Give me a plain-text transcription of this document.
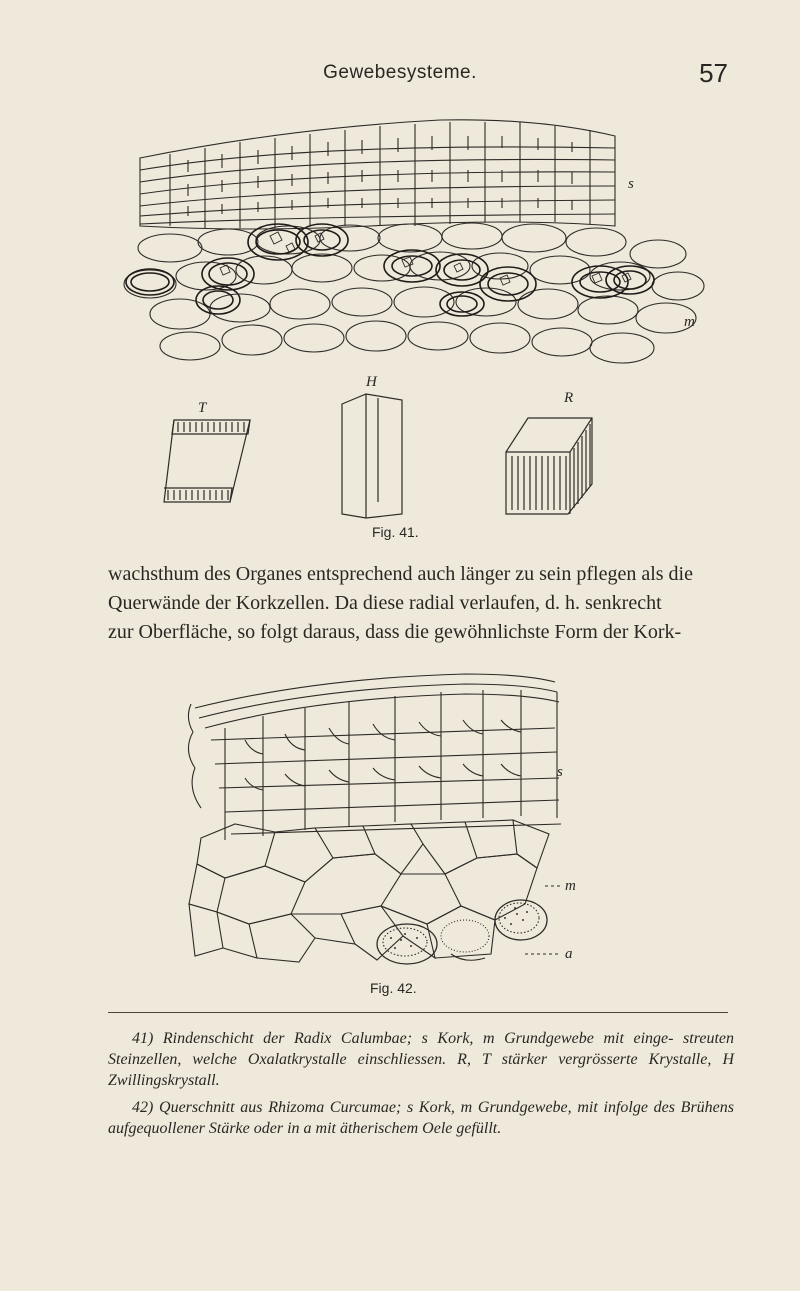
Gewebesysteme.	57
s
m
T
H
R
Fig. 41.
wachsthum des Organes entsprechend auch länger zu sein pflegen als die
Querwände der Korkzellen. Da diese radial verlaufen, d. h. senkrecht
zur Oberfläche, so folgt daraus, dass die gewöhnlichste Form der Kork-
s
m
a
Fig. 42.

41) Rindenschicht der Radix Calumbae; s Kork, m Grundgewebe mit einge- streuten Steinzellen, welche Oxalatkrystalle einschliessen. R, T stärker vergrösserte Krystalle, H Zwillingskrystall.

42) Querschnitt aus Rhizoma Curcumae; s Kork, m Grundgewebe, mit infolge des Brühens aufgequollener Stärke oder in a mit ätherischem Oele gefüllt.
